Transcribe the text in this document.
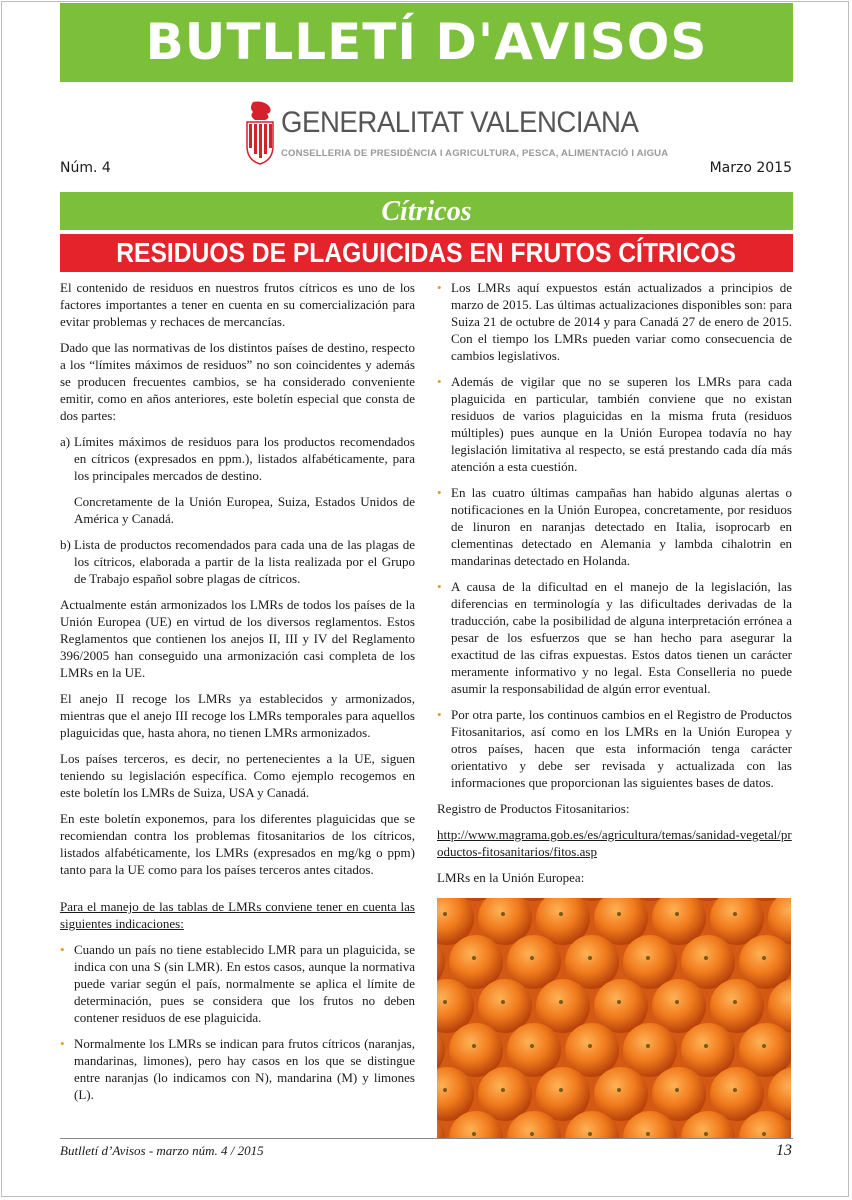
BUTLLETÍ D'AVISOS
GENERALITAT VALENCIANA
CONSELLERIA DE PRESIDÈNCIA I AGRICULTURA, PESCA, ALIMENTACIÓ I AIGUA
Núm. 4	Marzo 2015
Cítricos
RESIDUOS DE PLAGUICIDAS EN FRUTOS CÍTRICOS

El contenido de residuos en nuestros frutos cítricos es uno de los factores importantes a tener en cuenta en su comercialización para evitar problemas y rechaces de mercancías.

Dado que las normativas de los distintos países de destino, respecto a los “límites máximos de residuos” no son coincidentes y además se producen frecuentes cambios, se ha considerado conveniente emitir, como en años anteriores, este boletín especial que consta de dos partes:

a) Límites máximos de residuos para los productos recomendados en cítricos (expresados en ppm.), listados alfabéticamente, para los principales mercados de destino.
Concretamente de la Unión Europea, Suiza, Estados Unidos de América y Canadá.
b) Lista de productos recomendados para cada una de las plagas de los cítricos, elaborada a partir de la lista realizada por el Grupo de Trabajo español sobre plagas de cítricos.

Actualmente están armonizados los LMRs de todos los países de la Unión Europea (UE) en virtud de los diversos reglamentos. Estos Reglamentos que contienen los anejos II, III y IV del Reglamento 396/2005 han conseguido una armonización casi completa de los LMRs en la UE.

El anejo II recoge los LMRs ya establecidos y armonizados, mientras que el anejo III recoge los LMRs temporales para aquellos plaguicidas que, hasta ahora, no tienen LMRs armonizados.

Los países terceros, es decir, no pertenecientes a la UE, siguen teniendo su legislación específica. Como ejemplo recogemos en este boletín los LMRs de Suiza, USA y Canadá.

En este boletín exponemos, para los diferentes plaguicidas que se recomiendan contra los problemas fitosanitarios de los cítricos, listados alfabéticamente, los LMRs (expresados en mg/kg o ppm) tanto para la UE como para los países terceros antes citados.

Para el manejo de las tablas de LMRs conviene tener en cuenta las siguientes indicaciones:

• Cuando un país no tiene establecido LMR para un plaguicida, se indica con una S (sin LMR). En estos casos, aunque la normativa puede variar según el país, normalmente se aplica el límite de determinación, pues se considera que los frutos no deben contener residuos de ese plaguicida.
• Normalmente los LMRs se indican para frutos cítricos (naranjas, mandarinas, limones), pero hay casos en los que se distingue entre naranjas (lo indicamos con N), mandarina (M) y limones (L).
• Los LMRs aquí expuestos están actualizados a principios de marzo de 2015. Las últimas actualizaciones disponibles son: para Suiza 21 de octubre de 2014 y para Canadá 27 de enero de 2015. Con el tiempo los LMRs pueden variar como consecuencia de cambios legislativos.
• Además de vigilar que no se superen los LMRs para cada plaguicida en particular, también conviene que no existan residuos de varios plaguicidas en la misma fruta (residuos múltiples) pues aunque en la Unión Europea todavía no hay legislación limitativa al respecto, se está prestando cada día más atención a esta cuestión.
• En las cuatro últimas campañas han habido algunas alertas o notificaciones en la Unión Europea, concretamente, por residuos de linuron en naranjas detectado en Italia, isoprocarb en clementinas detectado en Alemania y lambda cihalotrin en mandarinas detectado en Holanda.
• A causa de la dificultad en el manejo de la legislación, las diferencias en terminología y las dificultades derivadas de la traducción, cabe la posibilidad de alguna interpretación errónea a pesar de los esfuerzos que se han hecho para asegurar la exactitud de las cifras expuestas. Estos datos tienen un carácter meramente informativo y no legal. Esta Conselleria no puede asumir la responsabilidad de algún error eventual.
• Por otra parte, los continuos cambios en el Registro de Productos Fitosanitarios, así como en los LMRs en la Unión Europea y otros países, hacen que esta información tenga carácter orientativo y debe ser revisada y actualizada con las informaciones que proporcionan las siguientes bases de datos.

Registro de Productos Fitosanitarios:

http://www.magrama.gob.es/es/agricultura/temas/sanidad-vegetal/productos-fitosanitarios/fitos.asp

LMRs en la Unión Europea:

Butlletí d’Avisos - marzo núm. 4 / 2015	13
